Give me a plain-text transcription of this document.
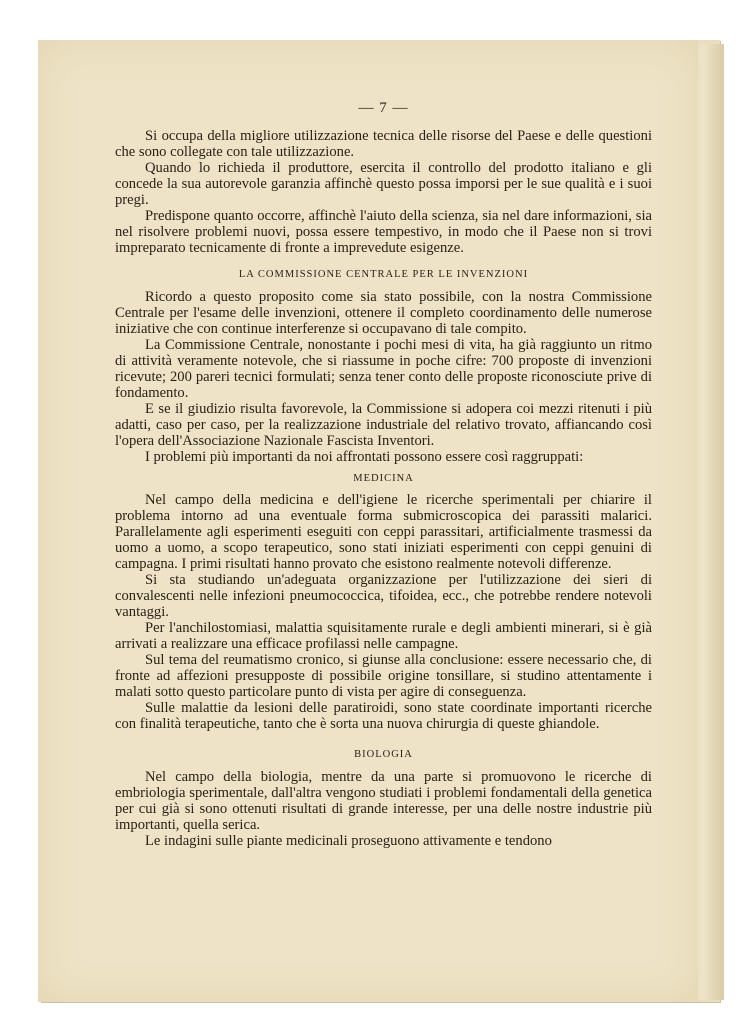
— 7 —

Si occupa della migliore utilizzazione tecnica delle risorse del Paese e delle questioni che sono collegate con tale utilizzazione.

Quando lo richieda il produttore, esercita il controllo del prodotto italiano e gli concede la sua autorevole garanzia affinchè questo possa imporsi per le sue qualità e i suoi pregi.

Predispone quanto occorre, affinchè l'aiuto della scienza, sia nel dare informazioni, sia nel risolvere problemi nuovi, possa essere tempestivo, in modo che il Paese non si trovi impreparato tecnicamente di fronte a imprevedute esigenze.

LA COMMISSIONE CENTRALE PER LE INVENZIONI

Ricordo a questo proposito come sia stato possibile, con la nostra Commissione Centrale per l'esame delle invenzioni, ottenere il completo coordinamento delle numerose iniziative che con continue interferenze si occupavano di tale compito.

La Commissione Centrale, nonostante i pochi mesi di vita, ha già raggiunto un ritmo di attività veramente notevole, che si riassume in poche cifre: 700 proposte di invenzioni ricevute; 200 pareri tecnici formulati; senza tener conto delle proposte riconosciute prive di fondamento.

E se il giudizio risulta favorevole, la Commissione si adopera coi mezzi ritenuti i più adatti, caso per caso, per la realizzazione industriale del relativo trovato, affiancando così l'opera dell'Associazione Nazionale Fascista Inventori.

I problemi più importanti da noi affrontati possono essere così raggruppati:

MEDICINA

Nel campo della medicina e dell'igiene le ricerche sperimentali per chiarire il problema intorno ad una eventuale forma submicroscopica dei parassiti malarici. Parallelamente agli esperimenti eseguiti con ceppi parassitari, artificialmente trasmessi da uomo a uomo, a scopo terapeutico, sono stati iniziati esperimenti con ceppi genuini di campagna. I primi risultati hanno provato che esistono realmente notevoli differenze.

Si sta studiando un'adeguata organizzazione per l'utilizzazione dei sieri di convalescenti nelle infezioni pneumococcica, tifoidea, ecc., che potrebbe rendere notevoli vantaggi.

Per l'anchilostomiasi, malattia squisitamente rurale e degli ambienti minerari, si è già arrivati a realizzare una efficace profilassi nelle campagne.

Sul tema del reumatismo cronico, si giunse alla conclusione: essere necessario che, di fronte ad affezioni presupposte di possibile origine tonsillare, si studino attentamente i malati sotto questo particolare punto di vista per agire di conseguenza.

Sulle malattie da lesioni delle paratiroidi, sono state coordinate importanti ricerche con finalità terapeutiche, tanto che è sorta una nuova chirurgia di queste ghiandole.

BIOLOGIA

Nel campo della biologia, mentre da una parte si promuovono le ricerche di embriologia sperimentale, dall'altra vengono studiati i problemi fondamentali della genetica per cui già si sono ottenuti risultati di grande interesse, per una delle nostre industrie più importanti, quella serica.

Le indagini sulle piante medicinali proseguono attivamente e tendono
